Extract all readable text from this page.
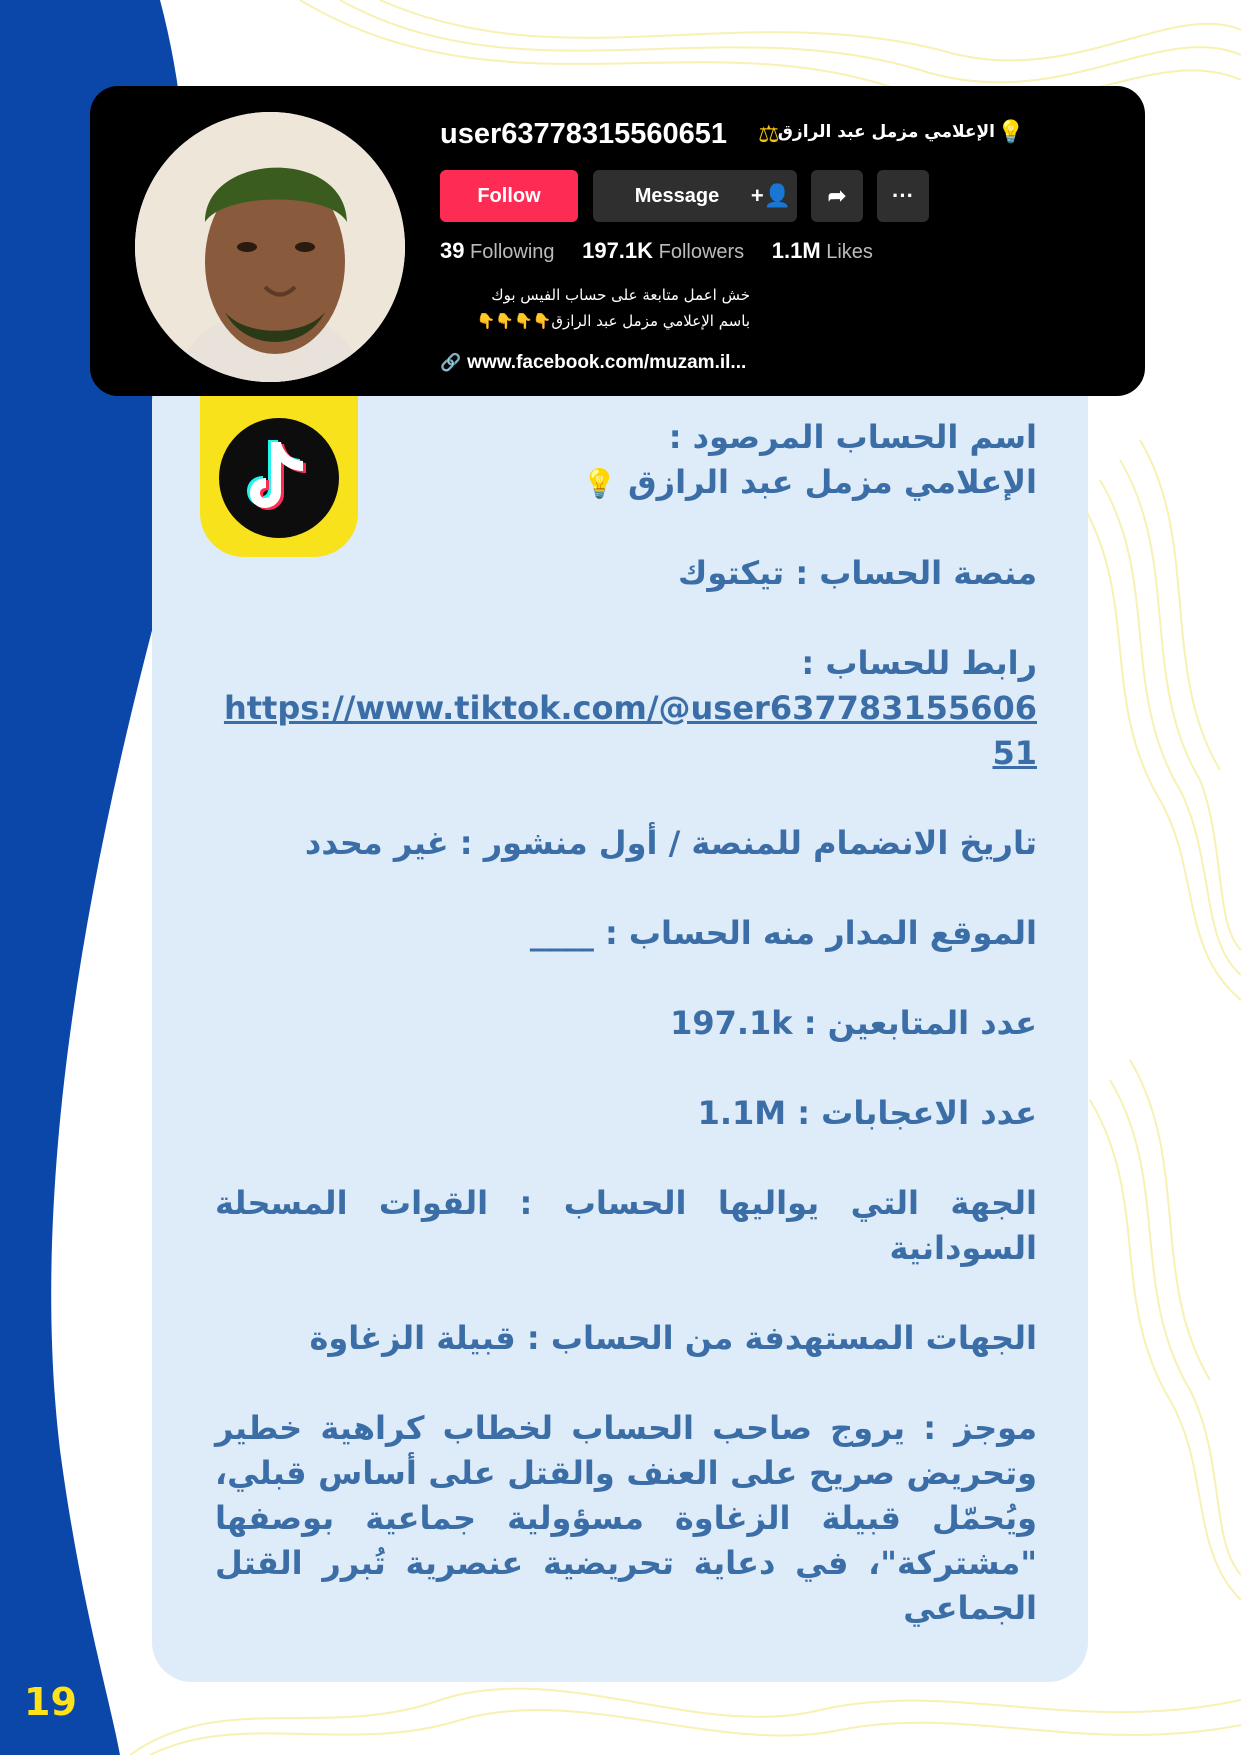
user63778315560651 ⚖
الإعلامي مزمل عبد الرازق 💡
Follow	Message	+👤	➦	···
39 Following 197.1K Followers 1.1M Likes
خش اعمل متابعة على حساب الفيس بوك
باسم الإعلامي مزمل عبد الرازق👇👇👇👇
🔗 www.facebook.com/muzam.il...

اسم الحساب المرصود :
الإعلامي مزمل عبد الرازق 💡

منصة الحساب : تيكتوك

رابط للحساب :
https://www.tiktok.com/@user63778315560651

تاريخ الانضمام للمنصة / أول منشور : غير محدد

الموقع المدار منه الحساب : ____

عدد المتابعين : 197.1k

عدد الاعجابات : 1.1M

الجهة التي يواليها الحساب : القوات المسحلة السودانية

الجهات المستهدفة من الحساب : قبيلة الزغاوة

موجز : يروج صاحب الحساب لخطاب كراهية خطير وتحريض صريح على العنف والقتل على أساس قبلي، ويُحمّل قبيلة الزغاوة مسؤولية جماعية بوصفها "مشتركة"، في دعاية تحريضية عنصرية تُبرر القتل الجماعي

19
